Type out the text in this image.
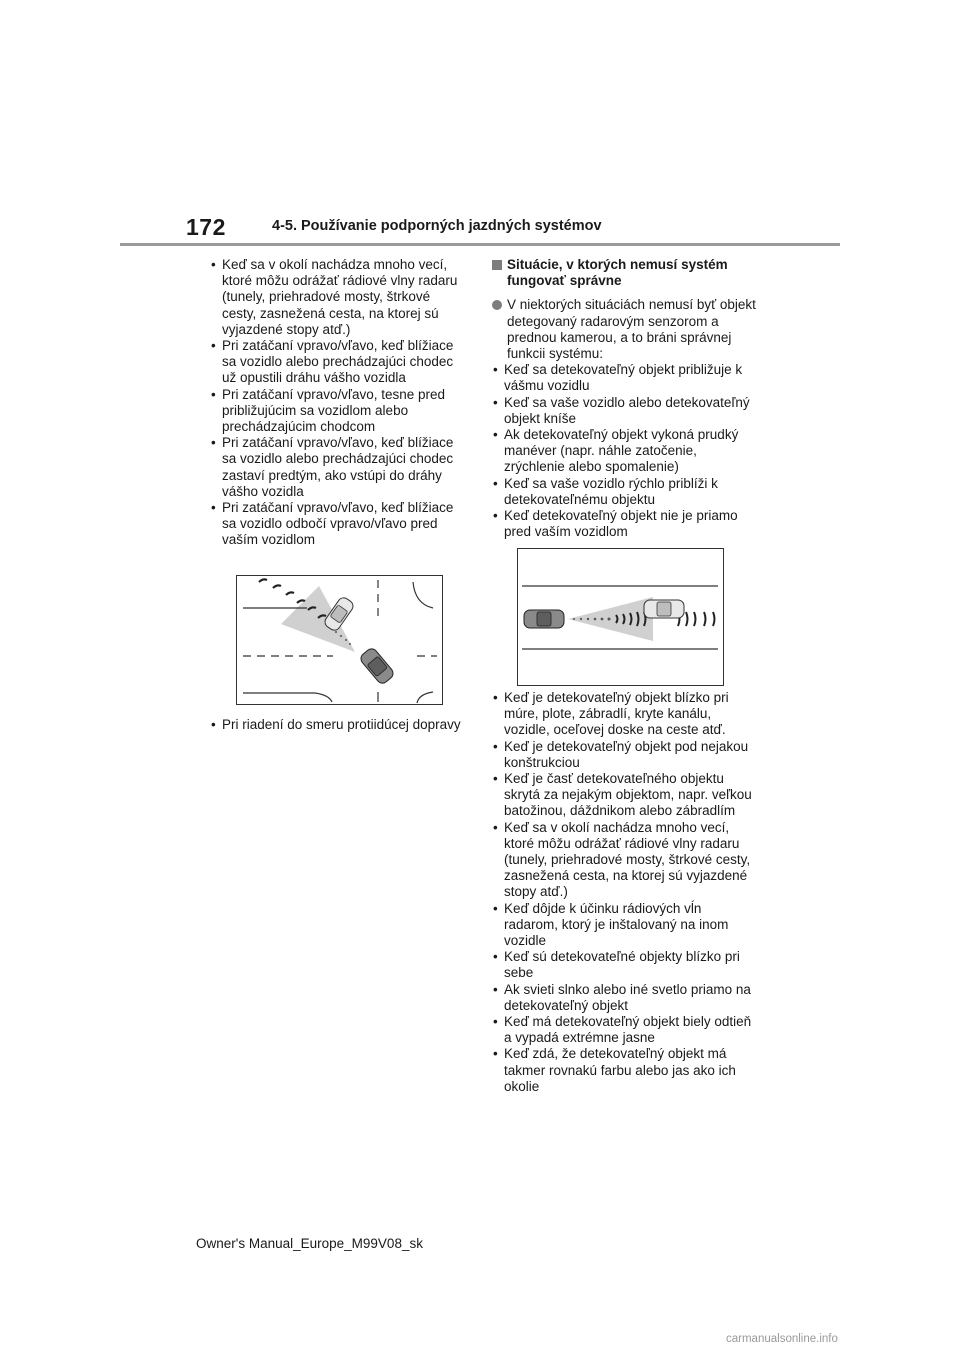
172	4-5. Používanie podporných jazdných systémov
• Keď sa v okolí nachádza mnoho vecí, ktoré môžu odrážať rádiové vlny radaru (tunely, priehradové mosty, štrkové cesty, zasnežená cesta, na ktorej sú vyjazdené stopy atď.)
• Pri zatáčaní vpravo/vľavo, keď blížiace sa vozidlo alebo prechádzajúci chodec už opustili dráhu vášho vozidla
• Pri zatáčaní vpravo/vľavo, tesne pred približujúcim sa vozidlom alebo prechádzajúcim chodcom
• Pri zatáčaní vpravo/vľavo, keď blížiace sa vozidlo alebo prechádzajúci chodec zastaví predtým, ako vstúpi do dráhy vášho vozidla
• Pri zatáčaní vpravo/vľavo, keď blížiace sa vozidlo odbočí vpravo/vľavo pred vaším vozidlom
• Pri riadení do smeru protiidúcej dopravy
Situácie, v ktorých nemusí systém fungovať správne
V niektorých situáciách nemusí byť objekt detegovaný radarovým senzorom a prednou kamerou, a to bráni správnej funkcii systému:
• Keď sa detekovateľný objekt približuje k vášmu vozidlu
• Keď sa vaše vozidlo alebo detekovateľný objekt kníše
• Ak detekovateľný objekt vykoná prudký manéver (napr. náhle zatočenie, zrýchlenie alebo spomalenie)
• Keď sa vaše vozidlo rýchlo priblíži k detekovateľnému objektu
• Keď detekovateľný objekt nie je priamo pred vaším vozidlom
• Keď je detekovateľný objekt blízko pri múre, plote, zábradlí, kryte kanálu, vozidle, oceľovej doske na ceste atď.
• Keď je detekovateľný objekt pod nejakou konštrukciou
• Keď je časť detekovateľného objektu skrytá za nejakým objektom, napr. veľkou batožinou, dáždnikom alebo zábradlím
• Keď sa v okolí nachádza mnoho vecí, ktoré môžu odrážať rádiové vlny radaru (tunely, priehradové mosty, štrkové cesty, zasnežená cesta, na ktorej sú vyjazdené stopy atď.)
• Keď dôjde k účinku rádiových vĺn radarom, ktorý je inštalovaný na inom vozidle
• Keď sú detekovateľné objekty blízko pri sebe
• Ak svieti slnko alebo iné svetlo priamo na detekovateľný objekt
• Keď má detekovateľný objekt biely odtieň a vypadá extrémne jasne
• Keď zdá, že detekovateľný objekt má takmer rovnakú farbu alebo jas ako ich okolie
Owner's Manual_Europe_M99V08_sk
carmanualsonline.info
